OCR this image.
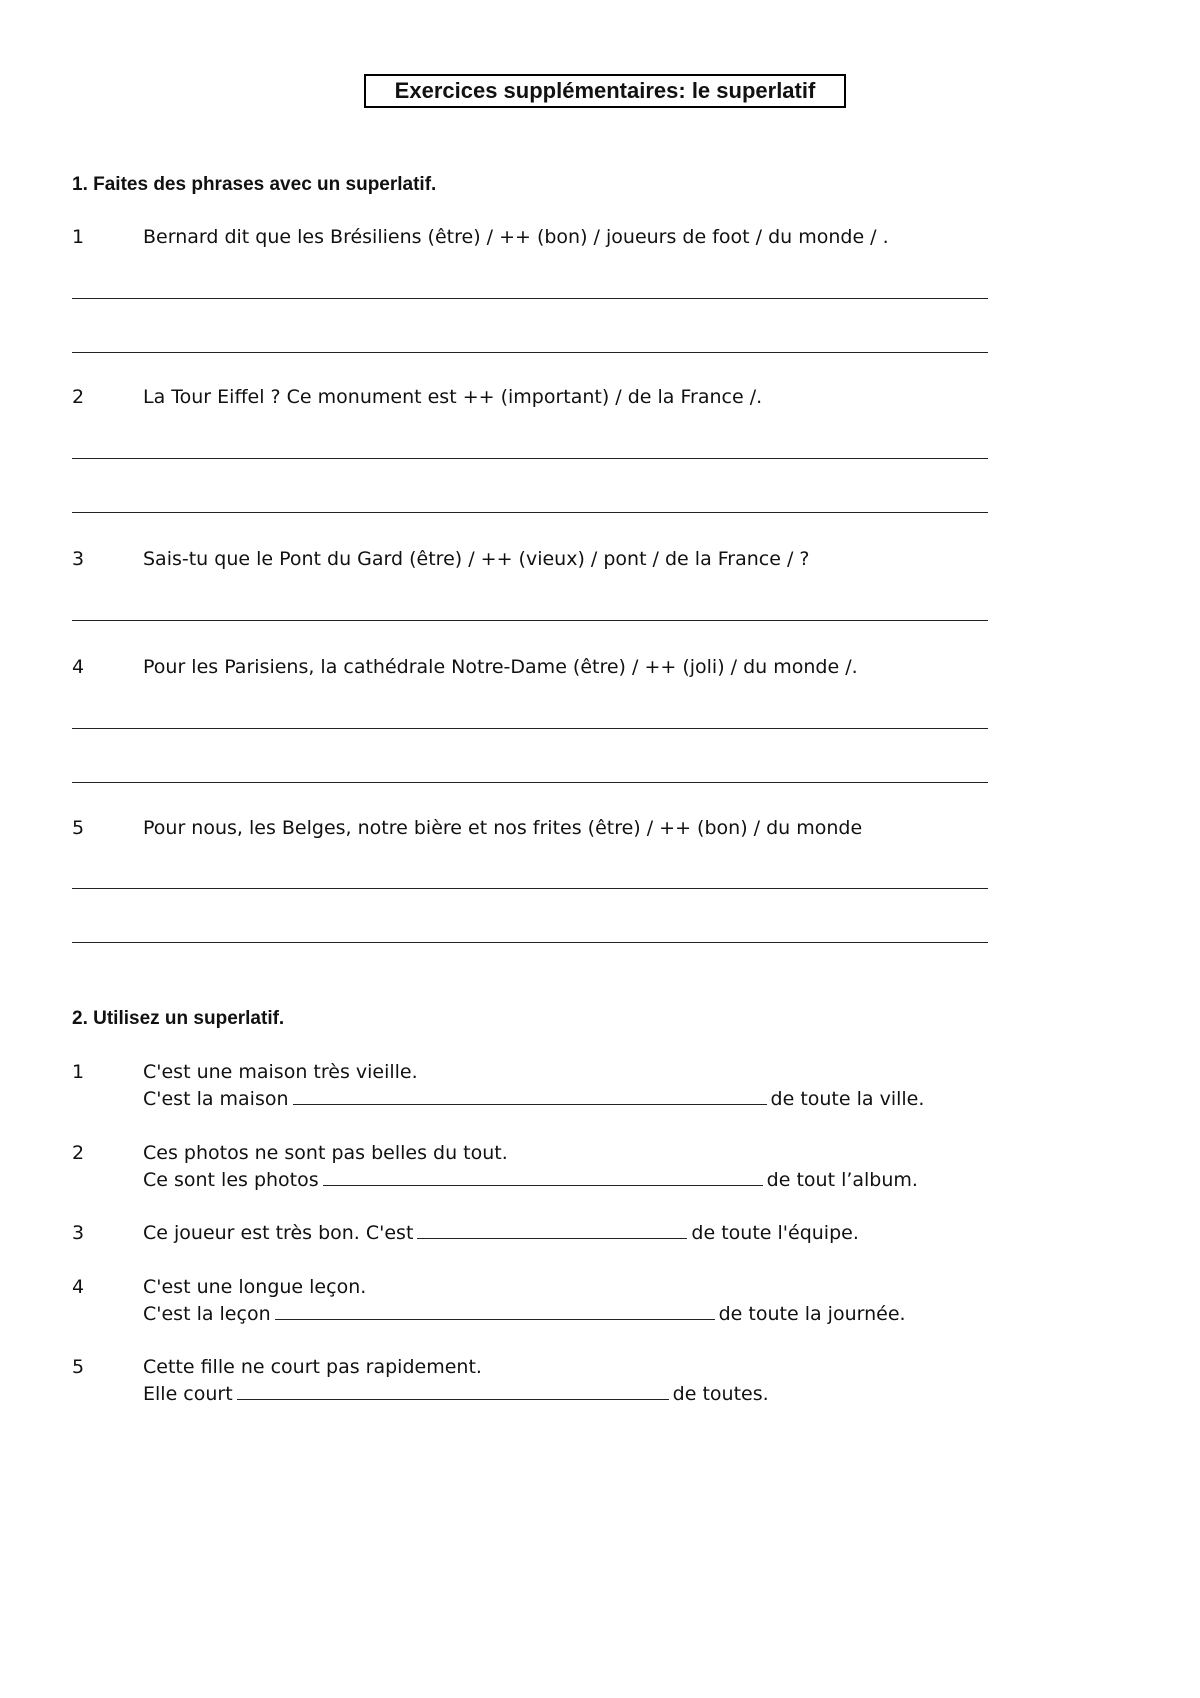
Exercices supplémentaires: le superlatif
1. Faites des phrases avec un superlatif.
1	Bernard dit que les Brésiliens (être) / ++ (bon) / joueurs de foot / du monde / .
2	La Tour Eiffel ? Ce monument est ++ (important) / de la France /.
3	Sais-tu que le Pont du Gard (être) / ++ (vieux) / pont / de la France / ?
4	Pour les Parisiens, la cathédrale Notre-Dame (être) / ++ (joli) / du monde /.
5	Pour nous, les Belges, notre bière et nos frites (être) / ++ (bon) / du monde
2. Utilisez un superlatif.
1	C'est une maison très vieille.
C'est la maison	de toute la ville.
2	Ces photos ne sont pas belles du tout.
Ce sont les photos	de tout l’album.
3	Ce joueur est très bon. C'est	de toute l'équipe.
4	C'est une longue leçon.
C'est la leçon	de toute la journée.
5	Cette fille ne court pas rapidement.
Elle court	de toutes.
